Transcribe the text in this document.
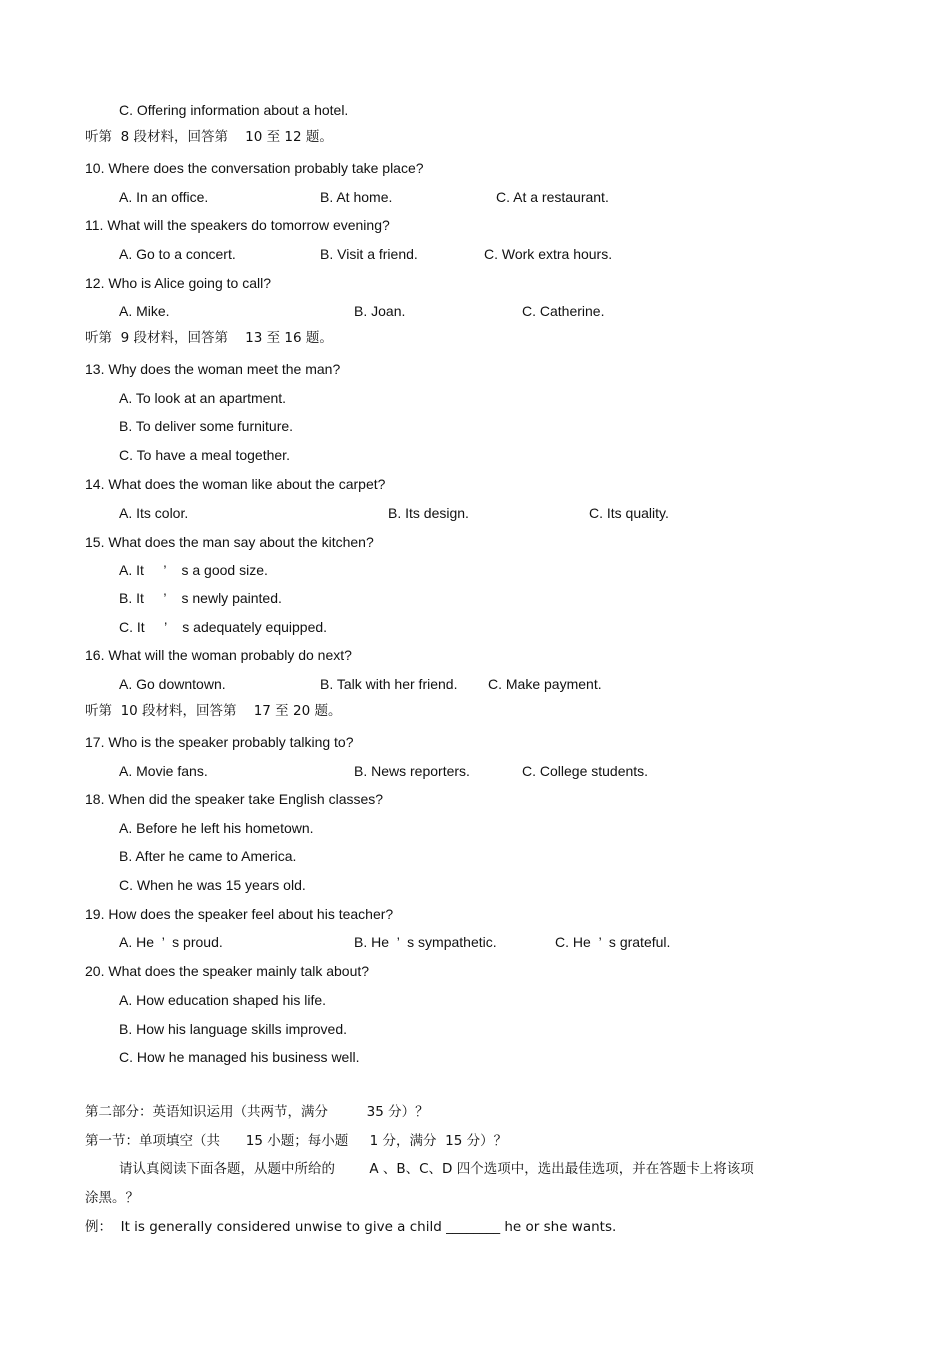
C. Offering information about a hotel.
听第  8 段材料，回答第    10 至 12 题。
10. Where does the conversation probably take place?
A. In an office.	B. At home.	C. At a restaurant.
11. What will the speakers do tomorrow evening?
A. Go to a concert.	B. Visit a friend.	C. Work extra hours.
12. Who is Alice going to call?
A. Mike.	B. Joan.	C. Catherine.
听第  9 段材料，回答第    13 至 16 题。
13. Why does the woman meet the man?
A. To look at an apartment.
B. To deliver some furniture.
C. To have a meal together.
14. What does the woman like about the carpet?
A. Its color.	B. Its design.	C. Its quality.
15. What does the man say about the kitchen?
A. It     ’    s a good size.
B. It     ’    s newly painted.
C. It     ’    s adequately equipped.
16. What will the woman probably do next?
A. Go downtown.	B. Talk with her friend. C. Make payment.
听第  10 段材料，回答第    17 至 20 题。
17. Who is the speaker probably talking to?
A. Movie fans.	B. News reporters.	C. College students.
18. When did the speaker take English classes?
A. Before he left his hometown.
B. After he came to America.
C. When he was 15 years old.
19. How does the speaker feel about his teacher?
A. He  ’  s proud.	B. He  ’  s sympathetic.	C. He  ’  s grateful.
20. What does the speaker mainly talk about?
A. How education shaped his life.
B. How his language skills improved.
C. How he managed his business well.
第二部分：英语知识运用（共两节，满分         35 分）？
第一节：单项填空（共      15 小题；每小题     1 分，满分  15 分）？
请认真阅读下面各题，从题中所给的        A 、B、C、D 四个选项中，选出最佳选项，并在答题卡上将该项
涂黑。？
例：  It is generally considered unwise to give a child ________ he or she wants.
